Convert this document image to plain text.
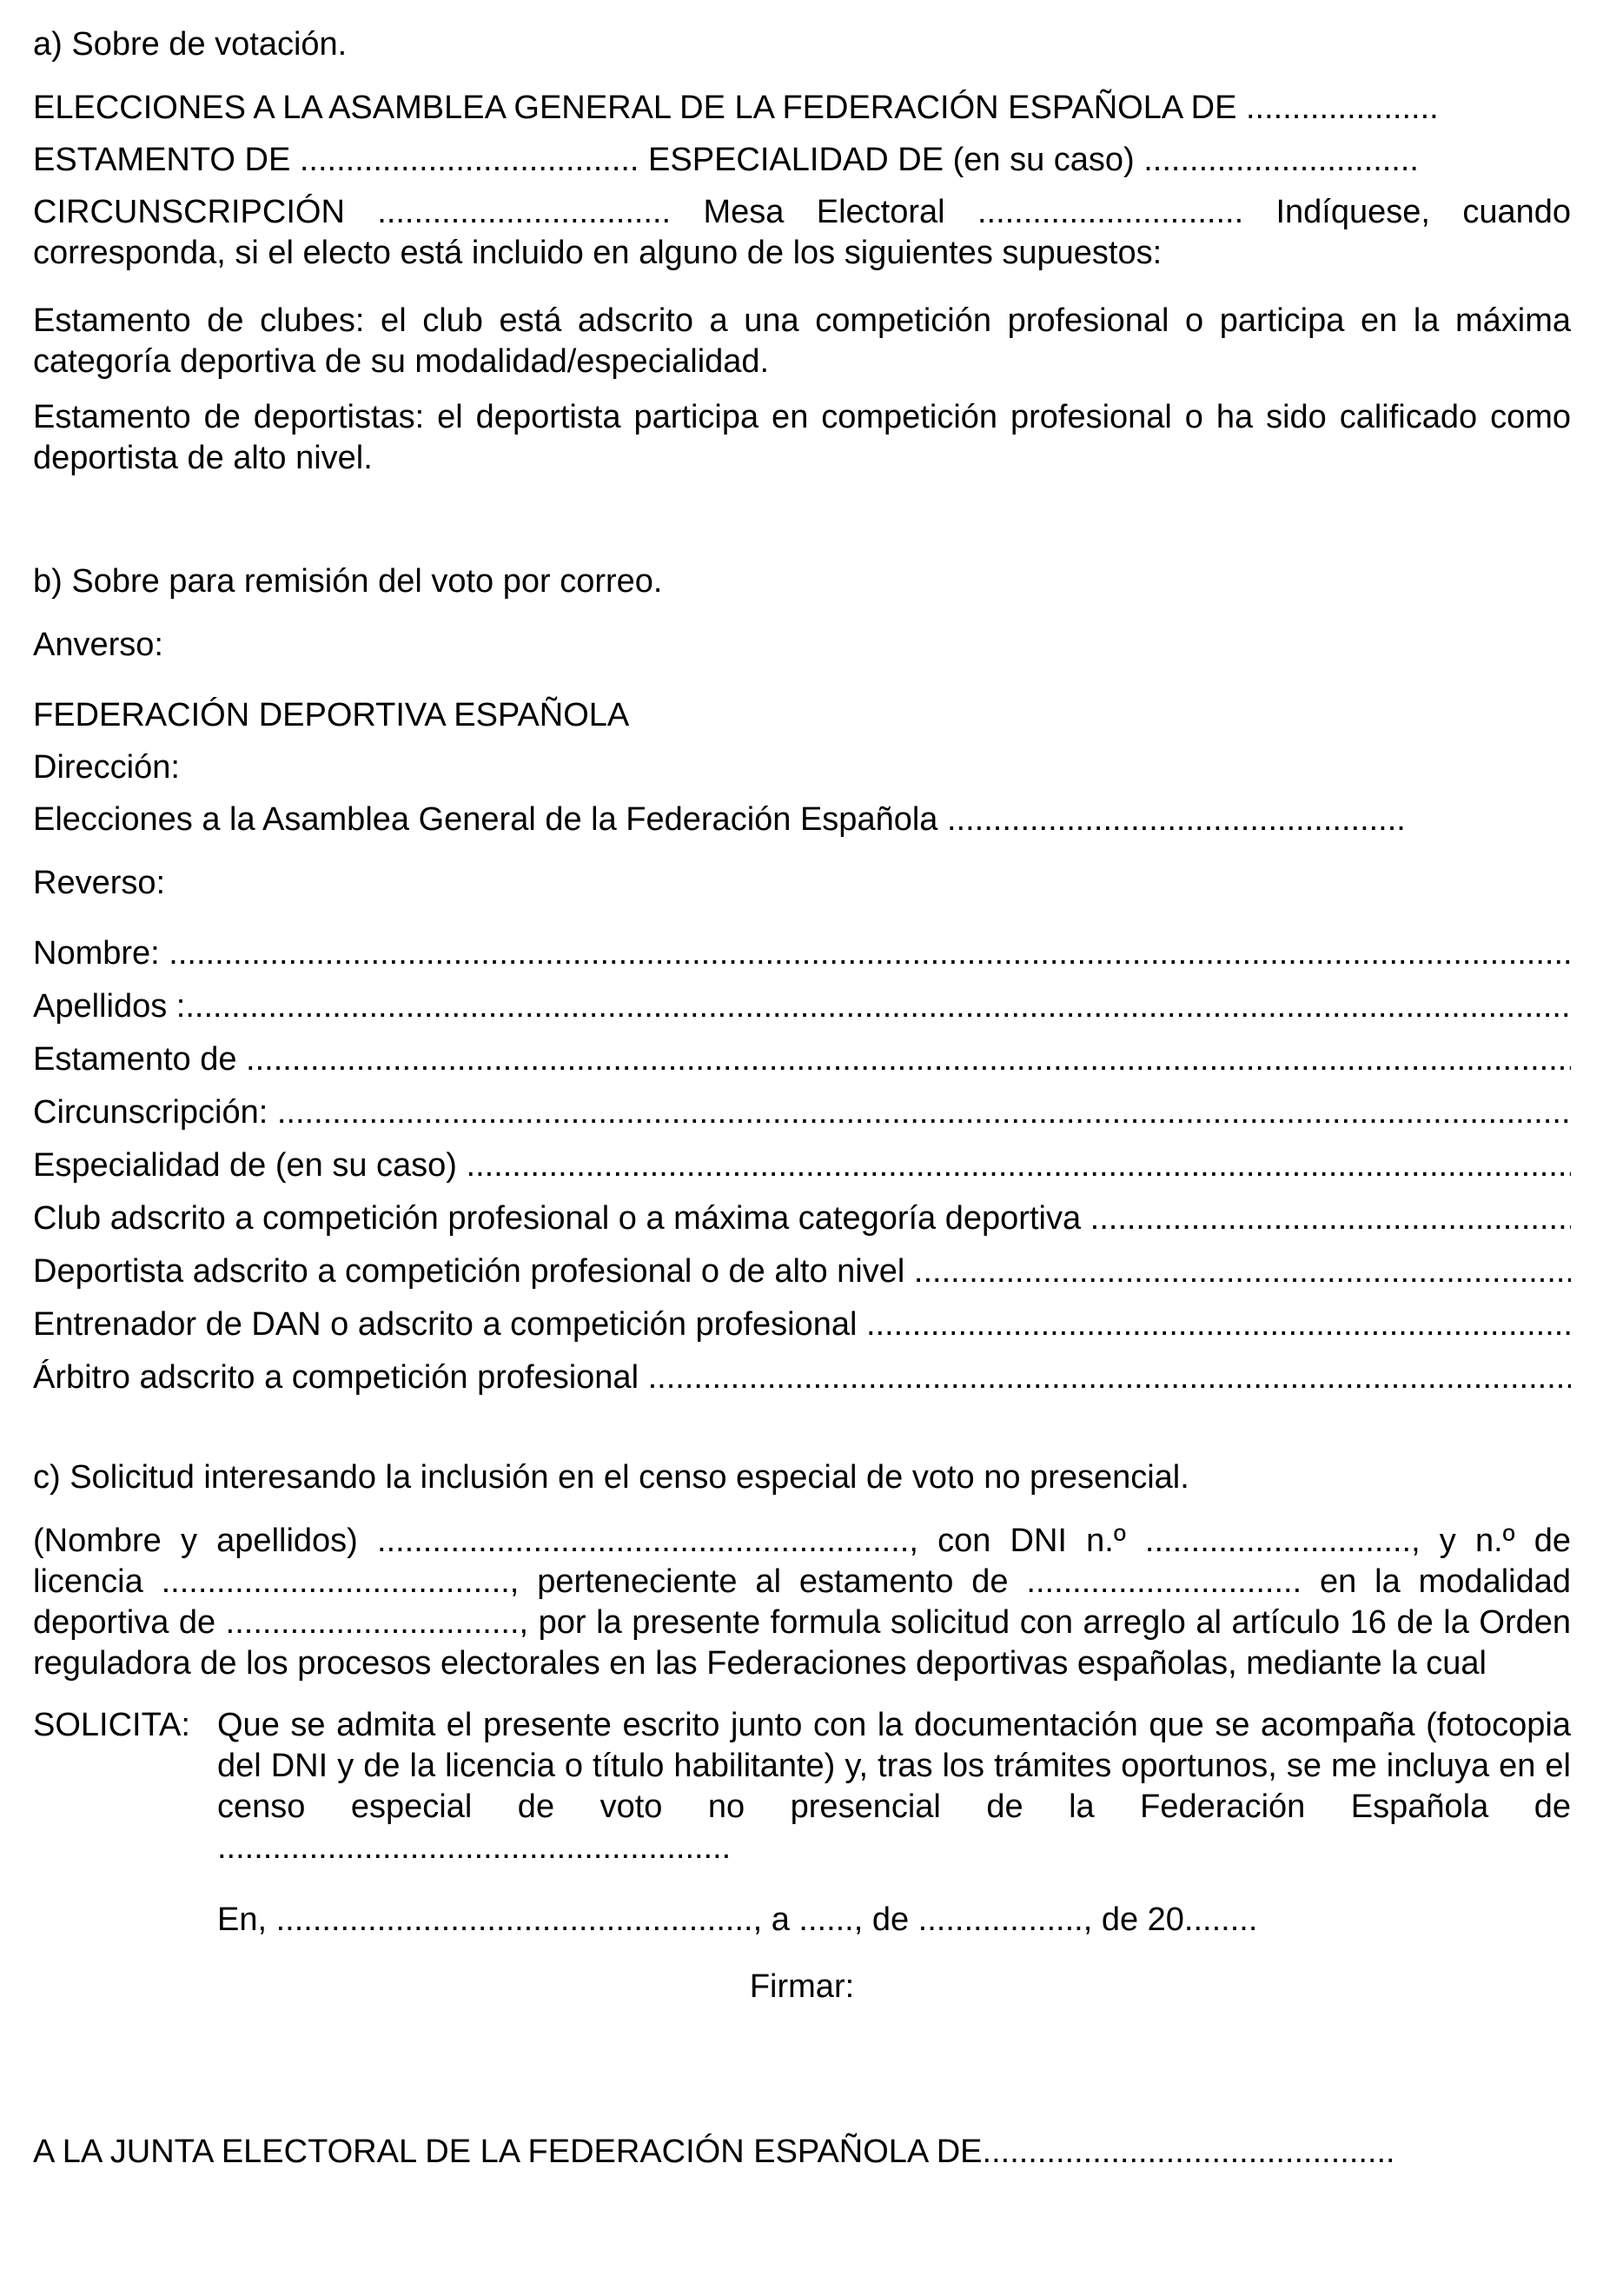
a) Sobre de votación.

ELECCIONES A LA ASAMBLEA GENERAL DE LA FEDERACIÓN ESPAÑOLA DE .....................

ESTAMENTO DE ..................................... ESPECIALIDAD DE (en su caso) ..............................

CIRCUNSCRIPCIÓN ................................ Mesa Electoral ............................. Indíquese, cuando corresponda, si el electo está incluido en alguno de los siguientes supuestos:

Estamento de clubes: el club está adscrito a una competición profesional o participa en la máxima categoría deportiva de su modalidad/especialidad.

Estamento de deportistas: el deportista participa en competición profesional o ha sido calificado como deportista de alto nivel.

b) Sobre para remisión del voto por correo.

Anverso:

FEDERACIÓN DEPORTIVA ESPAÑOLA

Dirección:

Elecciones a la Asamblea General de la Federación Española ..................................................

Reverso:

Nombre:

.....
Apellidos :
.....
Estamento de

.....
Circunscripción:

.....
Especialidad de (en su caso)

.....
Club adscrito a competición profesional o a máxima categoría deportiva

.....
Deportista adscrito a competición profesional o de alto nivel

.....
Entrenador de DAN o adscrito a competición profesional

.....
Árbitro adscrito a competición profesional

.....

c) Solicitud interesando la inclusión en el censo especial de voto no presencial.

(Nombre y apellidos) .........................................................., con DNI n.º ............................., y n.º de licencia ......................................, perteneciente al estamento de .............................. en la modalidad deportiva de ................................, por la presente formula solicitud con arreglo al artículo 16 de la Orden reguladora de los procesos electorales en las Federaciones deportivas españolas, mediante la cual

SOLICITA: Que se admita el presente escrito junto con la documentación que se acompaña (fotocopia del DNI y de la licencia o título habilitante) y, tras los trámites oportunos, se me incluya en el censo especial de voto no presencial de la Federación Española de ........................................................

En, ...................................................., a ......, de .................., de 20........

Firmar:

A LA JUNTA ELECTORAL DE LA FEDERACIÓN ESPAÑOLA DE.............................................
